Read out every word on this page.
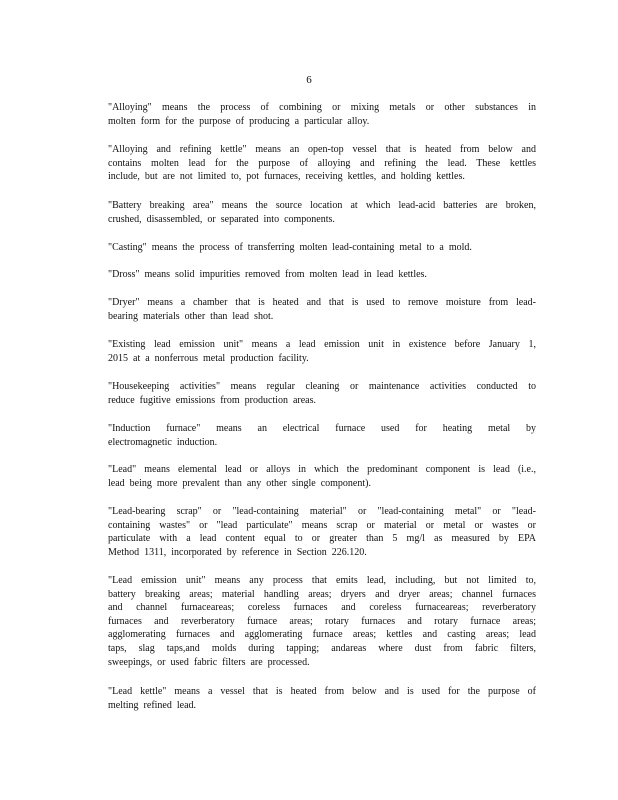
6
"Alloying" means the process of combining or mixing metals or other substances in
molten form for the purpose of producing a particular alloy.
"Alloying and refining kettle" means an open-top vessel that is heated from below and
contains molten lead for the purpose of alloying and refining the lead. These kettles
include, but are not limited to, pot furnaces, receiving kettles, and holding kettles.
"Battery breaking area" means the source location at which lead-acid batteries are broken,
crushed, disassembled, or separated into components.
"Casting" means the process of transferring molten lead-containing metal to a mold.
"Dross" means solid impurities removed from molten lead in lead kettles.
"Dryer" means a chamber that is heated and that is used to remove moisture from lead-
bearing materials other than lead shot.
"Existing lead emission unit" means a lead emission unit in existence before January 1,
2015 at a nonferrous metal production facility.
"Housekeeping activities" means regular cleaning or maintenance activities conducted to
reduce fugitive emissions from production areas.
"Induction furnace" means an electrical furnace used for heating metal by
electromagnetic induction.
"Lead" means elemental lead or alloys in which the predominant component is lead (i.e.,
lead being more prevalent than any other single component).
"Lead-bearing scrap" or "lead-containing material" or "lead-containing metal" or "lead-
containing wastes" or "lead particulate" means scrap or material or metal or wastes or
particulate with a lead content equal to or greater than 5 mg/l as measured by EPA
Method 1311, incorporated by reference in Section 226.120.
"Lead emission unit" means any process that emits lead, including, but not limited to,
battery breaking areas; material handling areas; dryers and dryer areas; channel furnaces
and channel furnaceareas; coreless furnaces and coreless furnaceareas; reverberatory
furnaces and reverberatory furnace areas; rotary furnaces and rotary furnace areas;
agglomerating furnaces and agglomerating furnace areas; kettles and casting areas; lead
taps, slag taps,and molds during tapping; andareas where dust from fabric filters,
sweepings, or used fabric filters are processed.
"Lead kettle" means a vessel that is heated from below and is used for the purpose of
melting refined lead.
